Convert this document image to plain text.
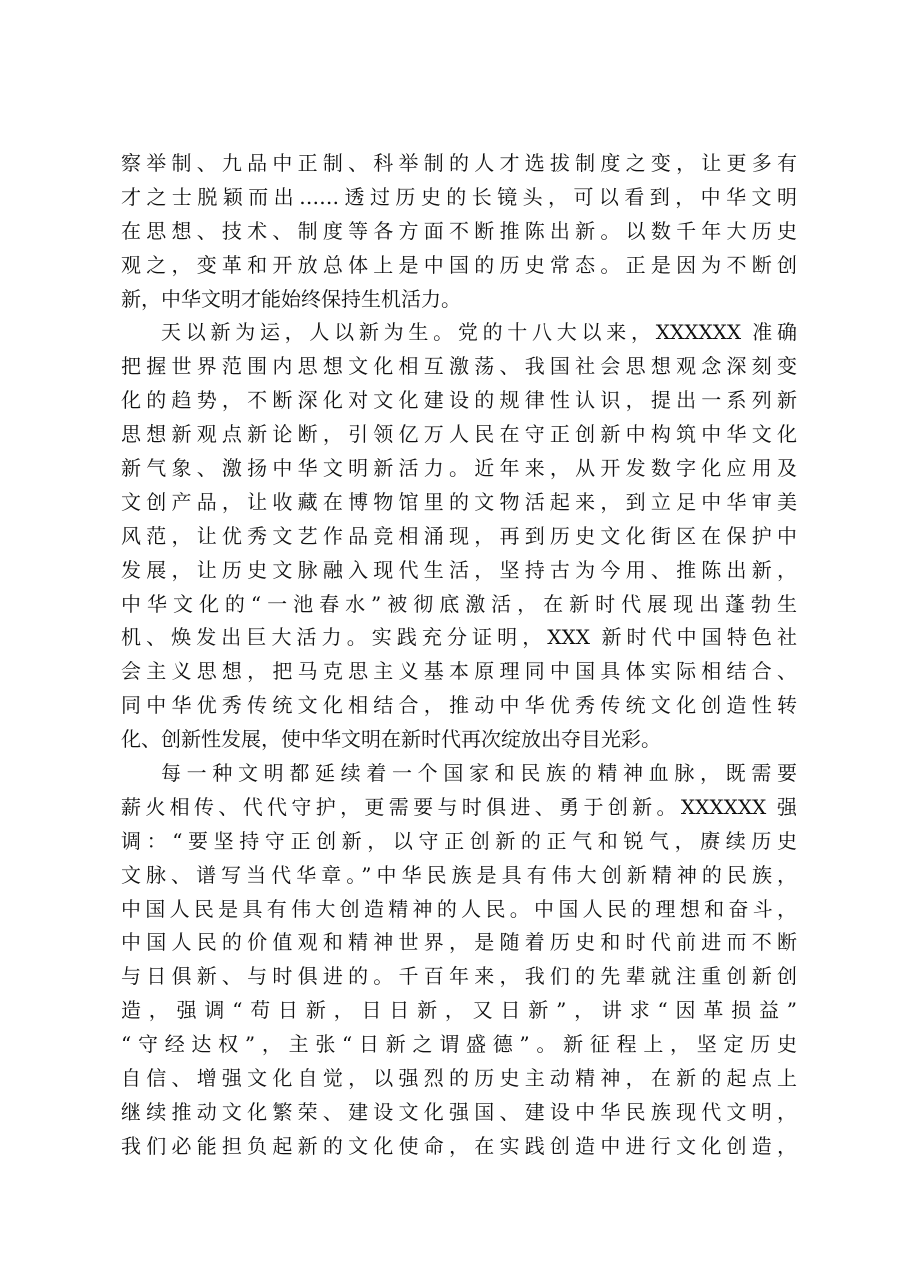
察举制、九品中正制、科举制的人才选拔制度之变，让更多有
才之士脱颖而出……透过历史的长镜头，可以看到，中华文明
在思想、技术、制度等各方面不断推陈出新。以数千年大历史
观之，变革和开放总体上是中国的历史常态。正是因为不断创
新，中华文明才能始终保持生机活力。
天以新为运，人以新为生。党的十八大以来，XXXXXX 准确
把握世界范围内思想文化相互激荡、我国社会思想观念深刻变
化的趋势，不断深化对文化建设的规律性认识，提出一系列新
思想新观点新论断，引领亿万人民在守正创新中构筑中华文化
新气象、激扬中华文明新活力。近年来，从开发数字化应用及
文创产品，让收藏在博物馆里的文物活起来，到立足中华审美
风范，让优秀文艺作品竞相涌现，再到历史文化街区在保护中
发展，让历史文脉融入现代生活，坚持古为今用、推陈出新，
中华文化的“一池春水”被彻底激活，在新时代展现出蓬勃生
机、焕发出巨大活力。实践充分证明，XXX 新时代中国特色社
会主义思想，把马克思主义基本原理同中国具体实际相结合、
同中华优秀传统文化相结合，推动中华优秀传统文化创造性转
化、创新性发展，使中华文明在新时代再次绽放出夺目光彩。
每一种文明都延续着一个国家和民族的精神血脉，既需要
薪火相传、代代守护，更需要与时俱进、勇于创新。XXXXXX 强
调：“要坚持守正创新，以守正创新的正气和锐气，赓续历史
文脉、谱写当代华章。”中华民族是具有伟大创新精神的民族，
中国人民是具有伟大创造精神的人民。中国人民的理想和奋斗，
中国人民的价值观和精神世界，是随着历史和时代前进而不断
与日俱新、与时俱进的。千百年来，我们的先辈就注重创新创
造，强调“苟日新，日日新，又日新”，讲求“因革损益”
“守经达权”，主张“日新之谓盛德”。新征程上，坚定历史
自信、增强文化自觉，以强烈的历史主动精神，在新的起点上
继续推动文化繁荣、建设文化强国、建设中华民族现代文明，
我们必能担负起新的文化使命，在实践创造中进行文化创造，
